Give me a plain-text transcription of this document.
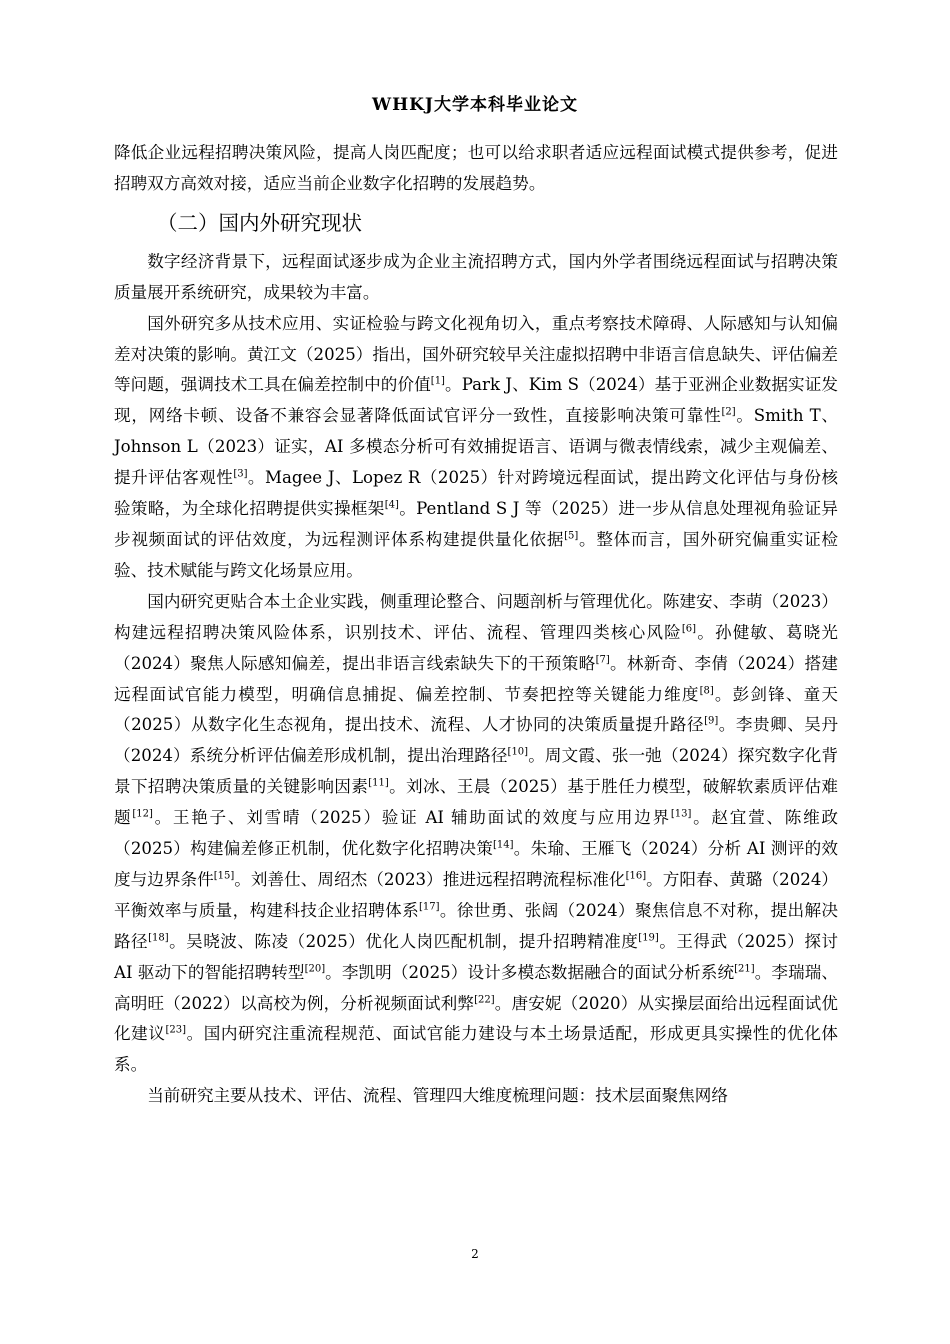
WHKJ大学本科毕业论文

降低企业远程招聘决策风险，提高人岗匹配度；也可以给求职者适应远程面试模式提供参考，促进招聘双方高效对接，适应当前企业数字化招聘的发展趋势。

（二）国内外研究现状

数字经济背景下，远程面试逐步成为企业主流招聘方式，国内外学者围绕远程面试与招聘决策质量展开系统研究，成果较为丰富。

国外研究多从技术应用、实证检验与跨文化视角切入，重点考察技术障碍、人际感知与认知偏差对决策的影响。黄江文（2025）指出，国外研究较早关注虚拟招聘中非语言信息缺失、评估偏差等问题，强调技术工具在偏差控制中的价值[1]。Park J、Kim S（2024）基于亚洲企业数据实证发现，网络卡顿、设备不兼容会显著降低面试官评分一致性，直接影响决策可靠性[2]。Smith T、Johnson L（2023）证实，AI 多模态分析可有效捕捉语言、语调与微表情线索，减少主观偏差、提升评估客观性[3]。Magee J、Lopez R（2025）针对跨境远程面试，提出跨文化评估与身份核验策略，为全球化招聘提供实操框架[4]。Pentland S J 等（2025）进一步从信息处理视角验证异步视频面试的评估效度，为远程测评体系构建提供量化依据[5]。整体而言，国外研究偏重实证检验、技术赋能与跨文化场景应用。

国内研究更贴合本土企业实践，侧重理论整合、问题剖析与管理优化。陈建安、李萌（2023）构建远程招聘决策风险体系，识别技术、评估、流程、管理四类核心风险[6]。孙健敏、葛晓光（2024）聚焦人际感知偏差，提出非语言线索缺失下的干预策略[7]。林新奇、李倩（2024）搭建远程面试官能力模型，明确信息捕捉、偏差控制、节奏把控等关键能力维度[8]。彭剑锋、童天（2025）从数字化生态视角，提出技术、流程、人才协同的决策质量提升路径[9]。李贵卿、吴丹（2024）系统分析评估偏差形成机制，提出治理路径[10]。周文霞、张一弛（2024）探究数字化背景下招聘决策质量的关键影响因素[11]。刘冰、王晨（2025）基于胜任力模型，破解软素质评估难题[12]。王艳子、刘雪晴（2025）验证 AI 辅助面试的效度与应用边界[13]。赵宜萱、陈维政（2025）构建偏差修正机制，优化数字化招聘决策[14]。朱瑜、王雁飞（2024）分析 AI 测评的效度与边界条件[15]。刘善仕、周绍杰（2023）推进远程招聘流程标准化[16]。方阳春、黄璐（2024）平衡效率与质量，构建科技企业招聘体系[17]。徐世勇、张阔（2024）聚焦信息不对称，提出解决路径[18]。吴晓波、陈凌（2025）优化人岗匹配机制，提升招聘精准度[19]。王得武（2025）探讨 AI 驱动下的智能招聘转型[20]。李凯明（2025）设计多模态数据融合的面试分析系统[21]。李瑞瑞、高明旺（2022）以高校为例，分析视频面试利弊[22]。唐安妮（2020）从实操层面给出远程面试优化建议[23]。国内研究注重流程规范、面试官能力建设与本土场景适配，形成更具实操性的优化体系。

当前研究主要从技术、评估、流程、管理四大维度梳理问题：技术层面聚焦网络

2
